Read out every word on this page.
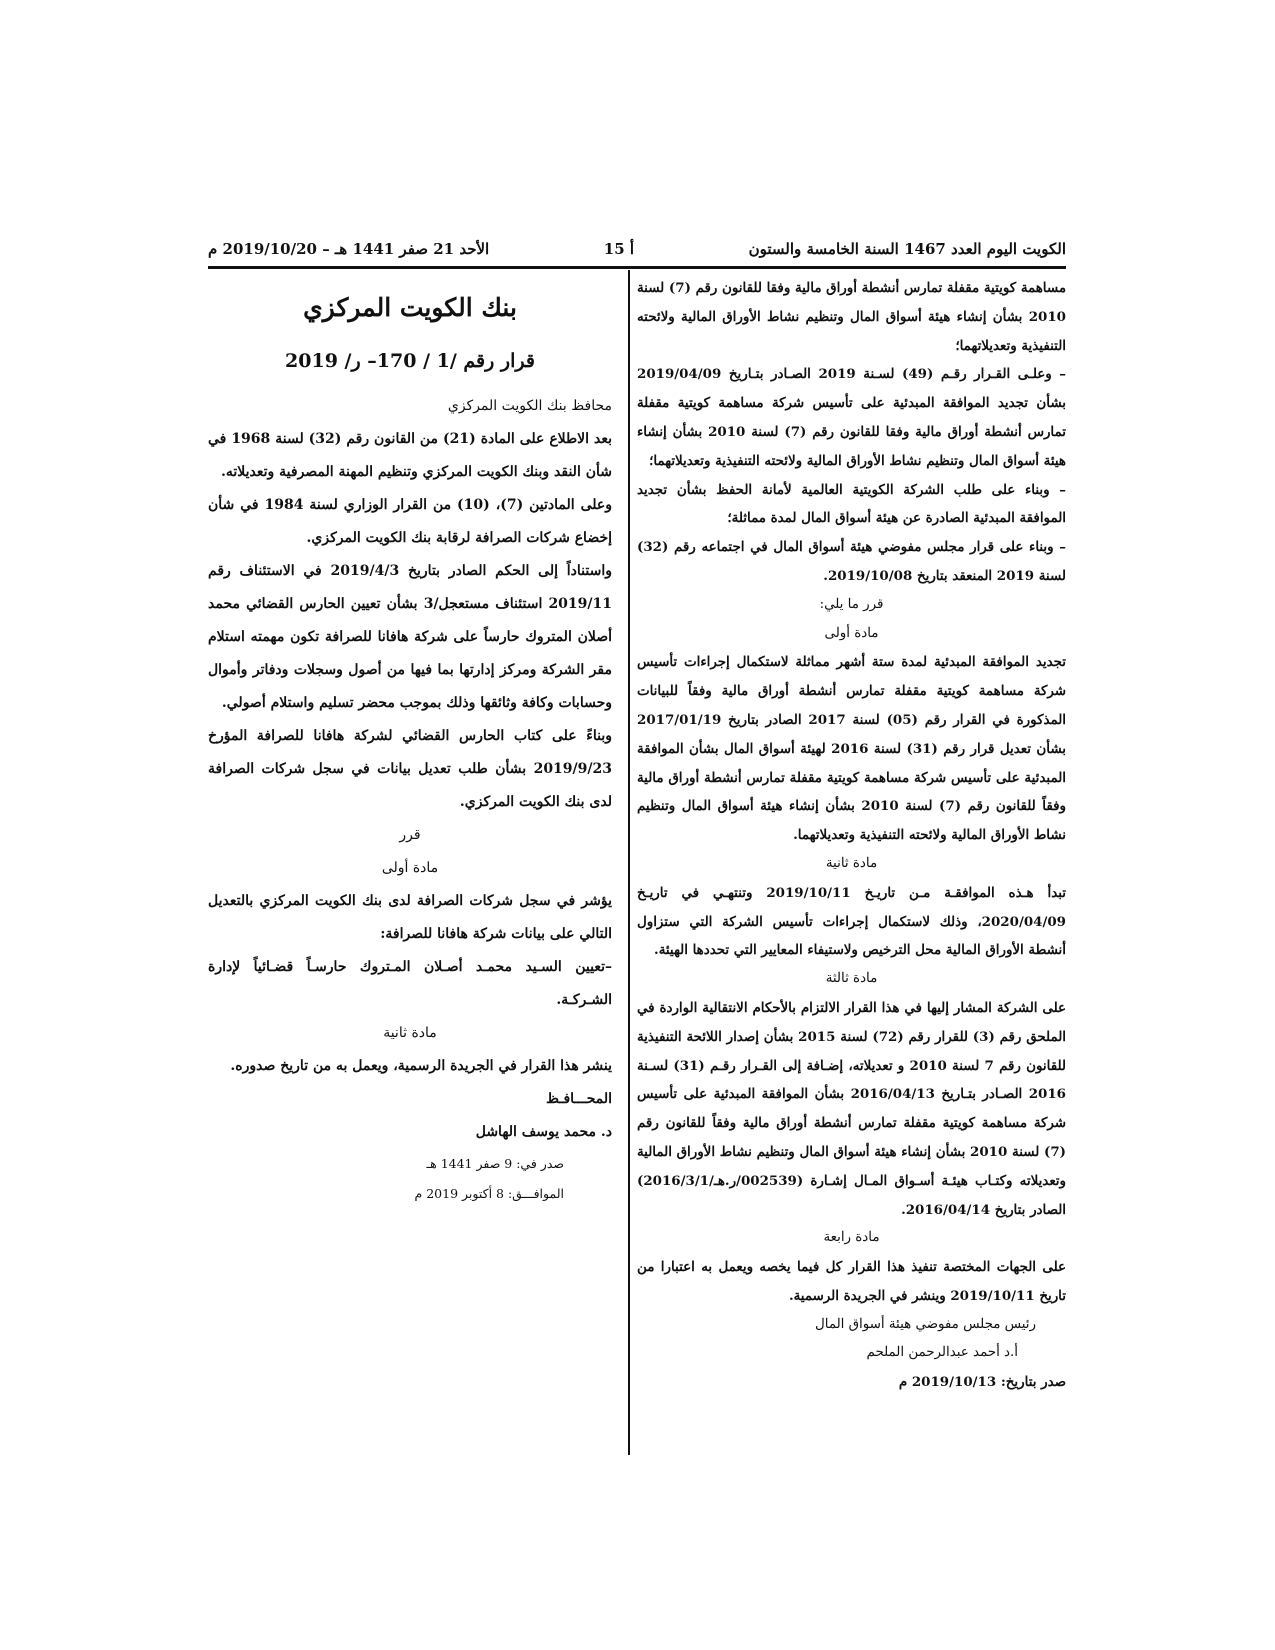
الكويت اليوم العدد 1467 السنة الخامسة والستون
أ 15
الأحد 21 صفر 1441 هـ – 2019/10/20 م

مساهمة كويتية مقفلة تمارس أنشطة أوراق مالية وفقا للقانون رقم (7) لسنة 2010 بشأن إنشاء هيئة أسواق المال وتنظيم نشاط الأوراق المالية ولائحته التنفيذية وتعديلاتهما؛

– وعلـى القـرار رقـم (49) لسـنة 2019 الصـادر بتـاريخ 2019/04/09 بشأن تجديد الموافقة المبدئية على تأسيس شركة مساهمة كويتية مقفلة تمارس أنشطة أوراق مالية وفقا للقانون رقم (7) لسنة 2010 بشأن إنشاء هيئة أسواق المال وتنظيم نشاط الأوراق المالية ولائحته التنفيذية وتعديلاتهما؛

– وبناء على طلب الشركة الكويتية العالمية لأمانة الحفظ بشأن تجديد الموافقة المبدئية الصادرة عن هيئة أسواق المال لمدة مماثلة؛

– وبناء على قرار مجلس مفوضي هيئة أسواق المال في اجتماعه رقم (32) لسنة 2019 المنعقد بتاريخ 2019/10/08.

قرر ما يلي:

مادة أولى

تجديد الموافقة المبدئية لمدة ستة أشهر مماثلة لاستكمال إجراءات تأسيس شركة مساهمة كويتية مقفلة تمارس أنشطة أوراق مالية وفقاً للبيانات المذكورة في القرار رقم (05) لسنة 2017 الصادر بتاريخ 2017/01/19 بشأن تعديل قرار رقم (31) لسنة 2016 لهيئة أسواق المال بشأن الموافقة المبدئية على تأسيس شركة مساهمة كويتية مقفلة تمارس أنشطة أوراق مالية وفقاً للقانون رقم (7) لسنة 2010 بشأن إنشاء هيئة أسواق المال وتنظيم نشاط الأوراق المالية ولائحته التنفيذية وتعديلاتهما.

مادة ثانية

تبدأ هـذه الموافقـة مـن تاريـخ 2019/10/11 وتنتهـي في تاريـخ 2020/04/09، وذلك لاستكمال إجراءات تأسيس الشركة التي ستزاول أنشطة الأوراق المالية محل الترخيص ولاستيفاء المعايير التي تحددها الهيئة.

مادة ثالثة

على الشركة المشار إليها في هذا القرار الالتزام بالأحكام الانتقالية الواردة في الملحق رقم (3) للقرار رقم (72) لسنة 2015 بشأن إصدار اللائحة التنفيذية للقانون رقم 7 لسنة 2010 و تعديلاته، إضـافة إلى القـرار رقـم (31) لسـنة 2016 الصـادر بتـاريخ 2016/04/13 بشأن الموافقة المبدئية على تأسيس شركة مساهمة كويتية مقفلة تمارس أنشطة أوراق مالية وفقاً للقانون رقم (7) لسنة 2010 بشأن إنشاء هيئة أسواق المال وتنظيم نشاط الأوراق المالية وتعديلاته وكتـاب هيئـة أسـواق المـال إشـارة (002539/ر.هـ/2016/3/1) الصادر بتاريخ 2016/04/14.

مادة رابعة

على الجهات المختصة تنفيذ هذا القرار كل فيما يخصه ويعمل به اعتبارا من تاريخ 2019/10/11 وينشر في الجريدة الرسمية.

رئيس مجلس مفوضي هيئة أسواق المال

أ.د أحمد عبدالرحمن الملحم

صدر بتاريخ: 2019/10/13 م

بنك الكويت المركزي

قرار رقم /1 / 170– ر/ 2019

محافظ بنك الكويت المركزي

بعد الاطلاع على المادة (21) من القانون رقم (32) لسنة 1968 في شأن النقد وبنك الكويت المركزي وتنظيم المهنة المصرفية وتعديلاته.

وعلى المادتين (7)، (10) من القرار الوزاري لسنة 1984 في شأن إخضاع شركات الصرافة لرقابة بنك الكويت المركزي.

واستناداً إلى الحكم الصادر بتاريخ 2019/4/3 في الاستئناف رقم 2019/11 استئناف مستعجل/3 بشأن تعيين الحارس القضائي محمد أصلان المتروك حارساً على شركة هافانا للصرافة تكون مهمته استلام مقر الشركة ومركز إدارتها بما فيها من أصول وسجلات ودفاتر وأموال وحسابات وكافة وثائقها وذلك بموجب محضر تسليم واستلام أصولي.

وبناءً على كتاب الحارس القضائي لشركة هافانا للصرافة المؤرخ 2019/9/23 بشأن طلب تعديل بيانات في سجل شركات الصرافة لدى بنك الكويت المركزي.

قرر

مادة أولى

يؤشر في سجل شركات الصرافة لدى بنك الكويت المركزي بالتعديل التالي على بيانات شركة هافانا للصرافة:

–تعيين السـيد محمـد أصـلان المـتروك حارسـاً قضـائياً لإدارة الشـركـة.

مادة ثانية

ينشر هذا القرار في الجريدة الرسمية، ويعمل به من تاريخ صدوره.

المحـــافـظ

د. محمد يوسف الهاشل

صدر في: 9 صفر 1441 هـ

الموافـــق: 8 أكتوبر 2019 م
